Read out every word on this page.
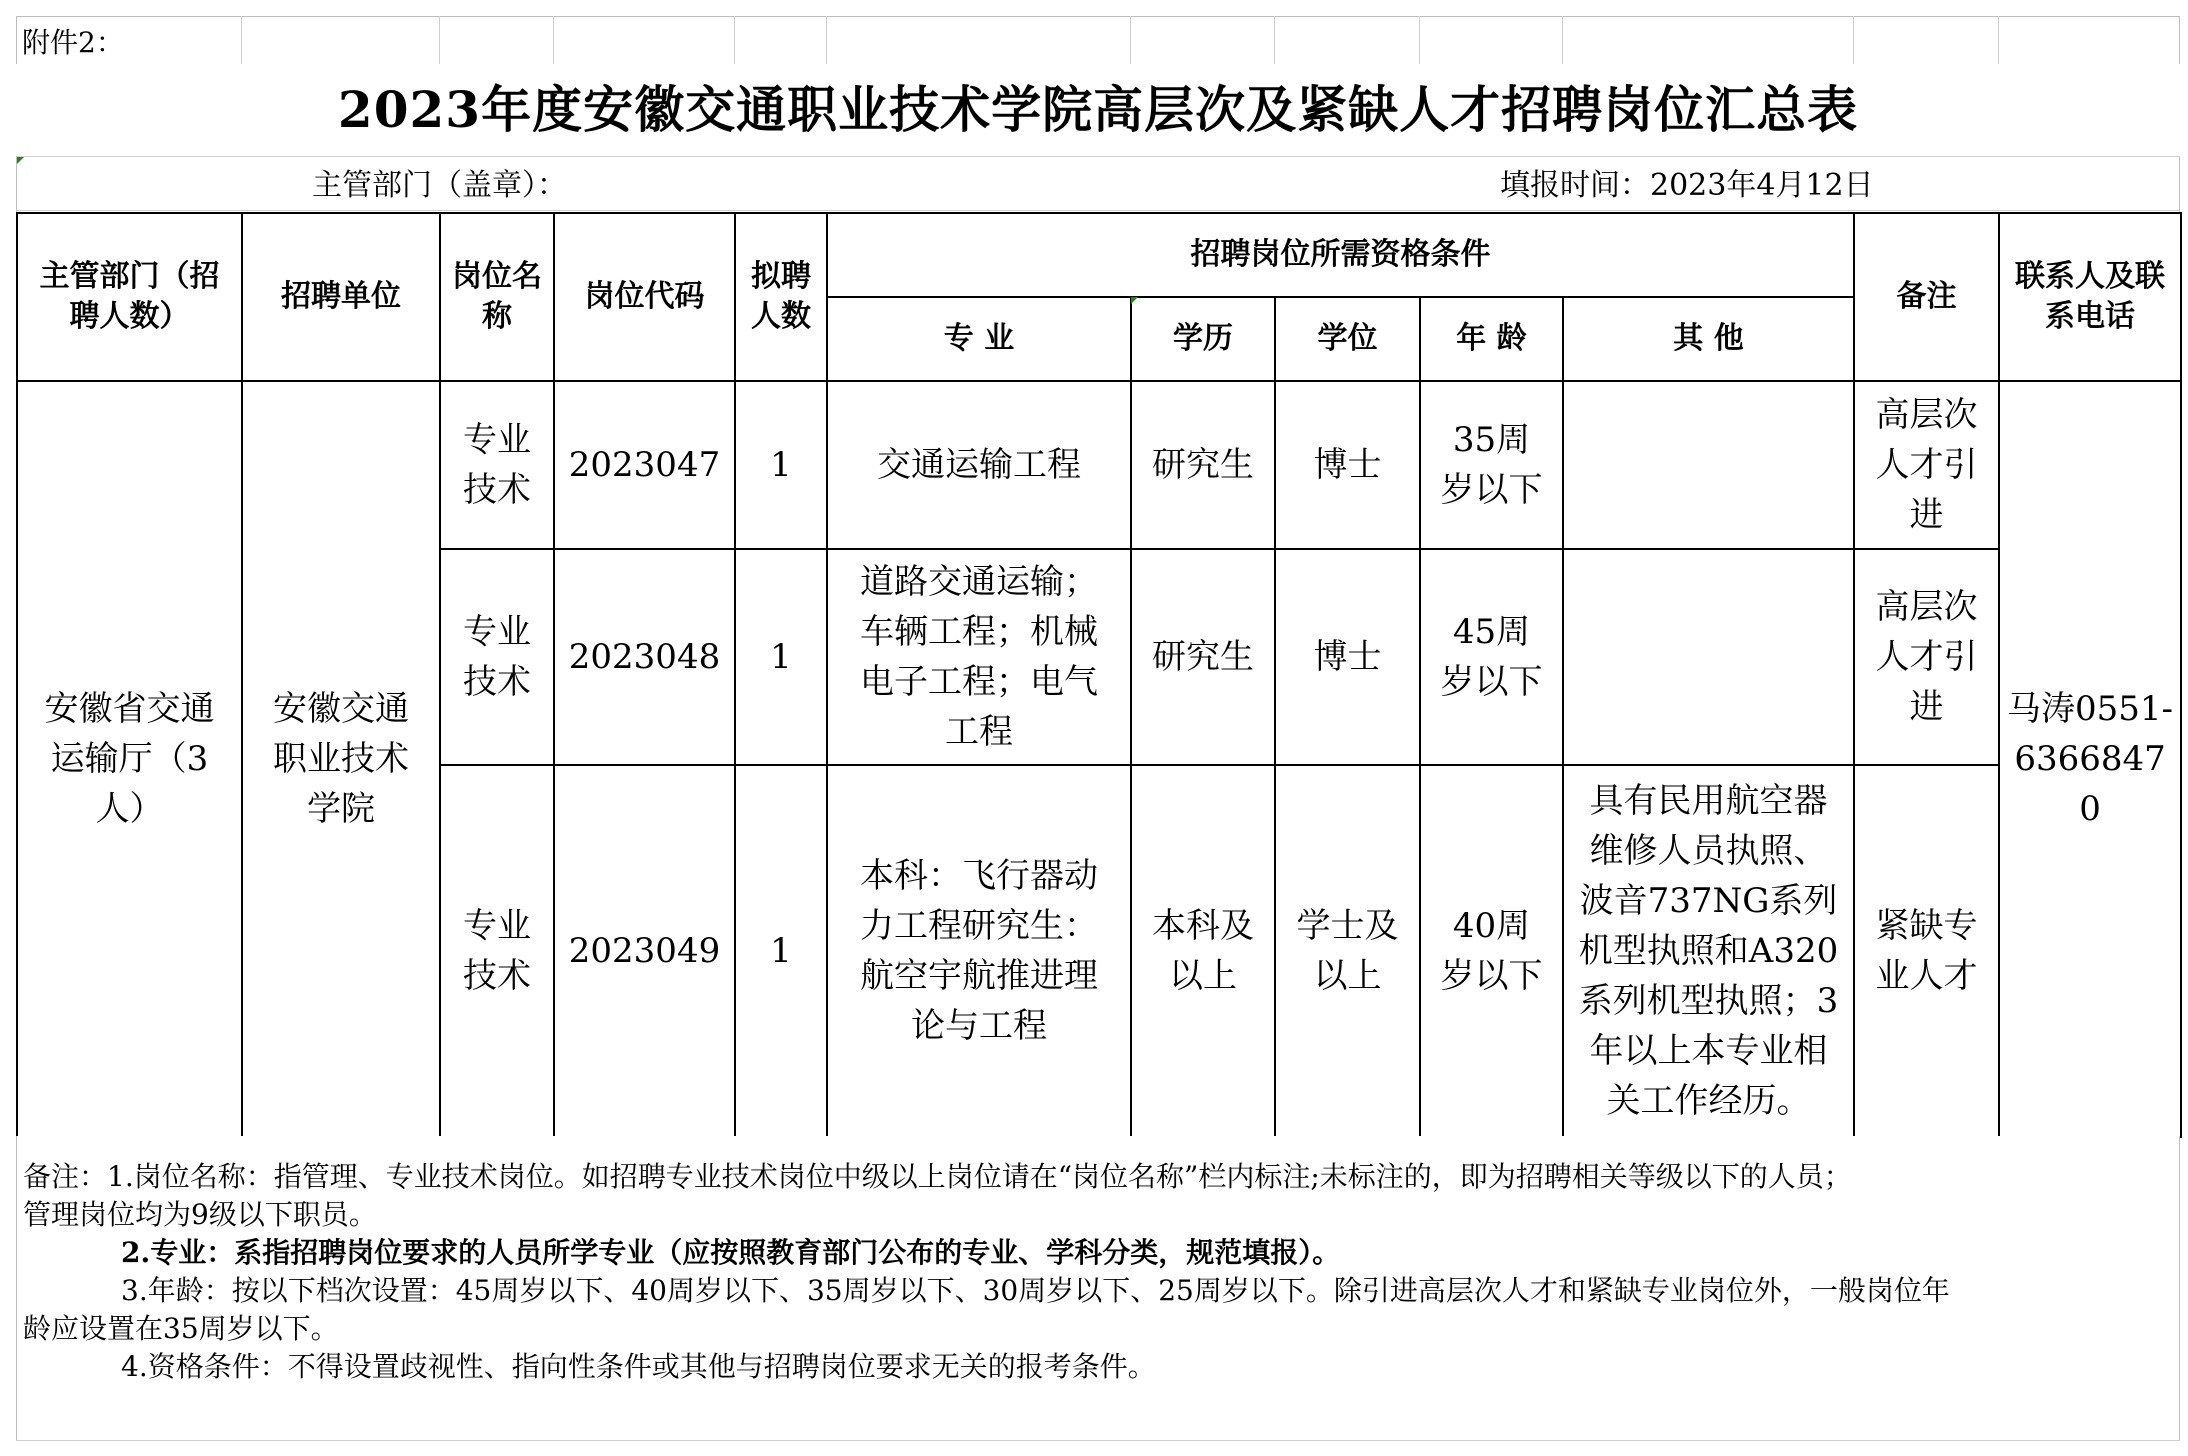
附件2：
2023年度安徽交通职业技术学院高层次及紧缺人才招聘岗位汇总表
主管部门（盖章）：	填报时间：2023年4月12日
主管部门（招聘人数）	招聘单位	岗位名称	岗位代码	拟聘人数	招聘岗位所需资格条件					备注	联系人及联系电话
					专 业	学历	学位	年 龄	其 他		
安徽省交通运输厅（3人）	安徽交通职业技术学院	专业技术	2023047	1	交通运输工程	研究生	博士	35周岁以下		高层次人才引进	马涛0551-63668470
		专业技术	2023048	1	道路交通运输；车辆工程；机械电子工程；电气工程	研究生	博士	45周岁以下		高层次人才引进	
		专业技术	2023049	1	本科：飞行器动力工程研究生：航空宇航推进理论与工程	本科及以上	学士及以上	40周岁以下	具有民用航空器维修人员执照、波音737NG系列机型执照和A320系列机型执照；3年以上本专业相关工作经历。	紧缺专业人才	
备注：1.岗位名称：指管理、专业技术岗位。如招聘专业技术岗位中级以上岗位请在“岗位名称”栏内标注;未标注的，即为招聘相关等级以下的人员；
管理岗位均为9级以下职员。
2.专业：系指招聘岗位要求的人员所学专业（应按照教育部门公布的专业、学科分类，规范填报）。
3.年龄：按以下档次设置：45周岁以下、40周岁以下、35周岁以下、30周岁以下、25周岁以下。除引进高层次人才和紧缺专业岗位外，一般岗位年
龄应设置在35周岁以下。
4.资格条件：不得设置歧视性、指向性条件或其他与招聘岗位要求无关的报考条件。
